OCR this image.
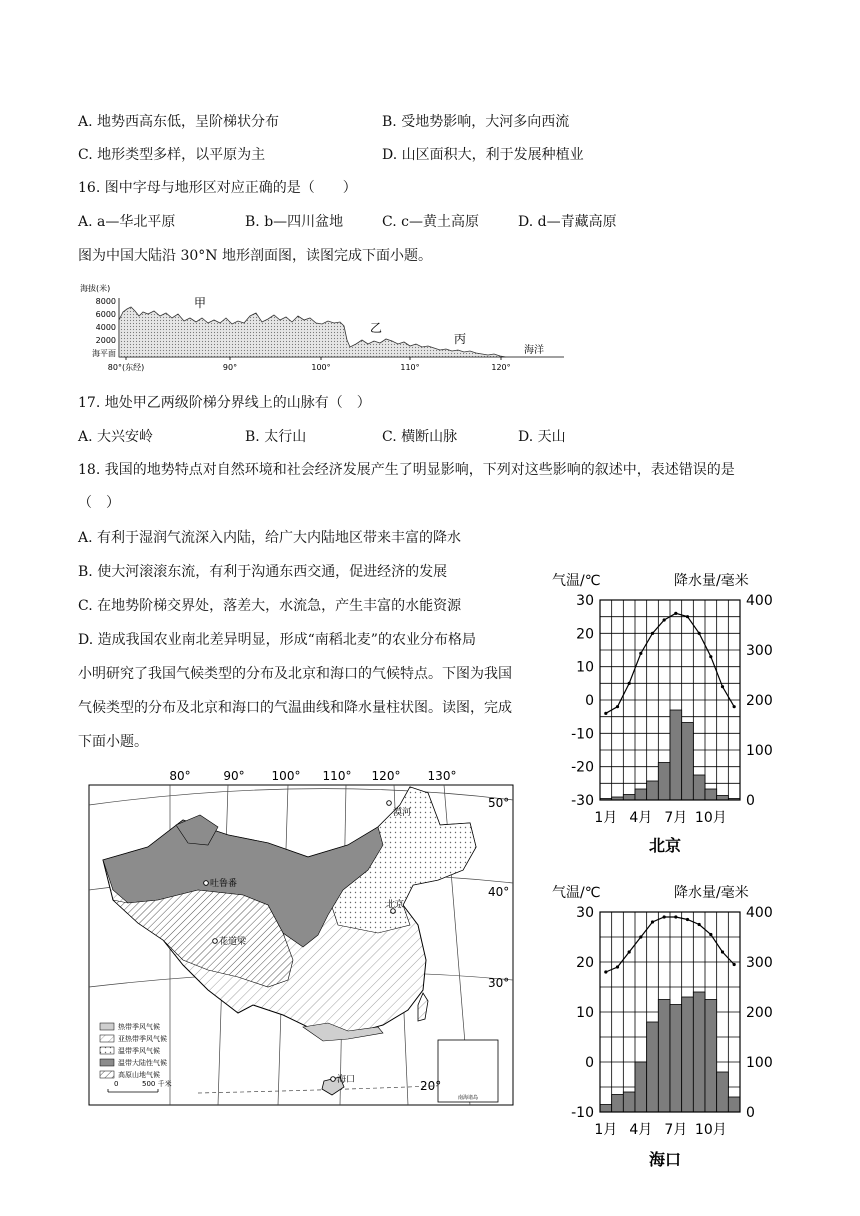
A. 地势西高东低，呈阶梯状分布	B. 受地势影响，大河多向西流
C. 地形类型多样，以平原为主	D. 山区面积大，利于发展种植业
16. 图中字母与地形区对应正确的是（　　）
A. a—华北平原	B. b—四川盆地	C. c—黄土高原	D. d—青藏高原
图为中国大陆沿 30°N 地形剖面图，读图完成下面小题。
海拔(米)
8000
6000
4000
2000
海平面
甲
乙
丙
海洋
80°(东经)	90°	100°	110°	120°
17. 地处甲乙两级阶梯分界线上的山脉有（　）
A. 大兴安岭	B. 太行山	C. 横断山脉	D. 天山
18. 我国的地势特点对自然环境和社会经济发展产生了明显影响，下列对这些影响的叙述中，表述错误的是
（　）
A. 有利于湿润气流深入内陆，给广大内陆地区带来丰富的降水
B. 使大河滚滚东流，有利于沟通东西交通，促进经济的发展
C. 在地势阶梯交界处，落差大，水流急，产生丰富的水能资源
D. 造成我国农业南北差异明显，形成“南稻北麦”的农业分布格局
小明研究了我国气候类型的分布及北京和海口的气候特点。下图为我国
气候类型的分布及北京和海口的气温曲线和降水量柱状图。读图，完成
下面小题。
气温/℃	降水量/毫米
30
20
10
0
-10
-20
-30
400
300
200
100
0
1月 4月 7月 10月
北京
气温/℃	降水量/毫米
30
20
10
0
-10
400
300
200
100
0
1月 4月 7月 10月
海口
南海诸岛
热带季风气候
亚热带季风气候
温带季风气候
温带大陆性气候
高原山地气候
0	500 千米
80°	90° 100° 110° 120° 130°
50°
40°
30°
20°
漠河
吐鲁番
北京
花道梁
海口
